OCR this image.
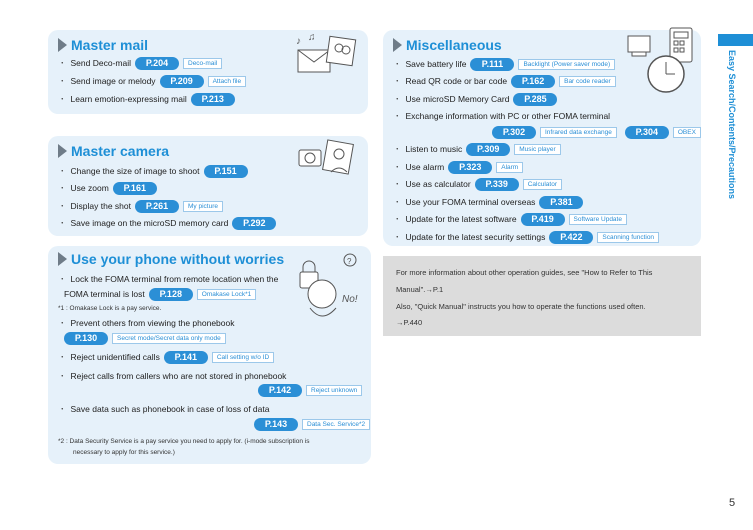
Easy Search/Contents/Precautions
Master mail
・ Send Deco-mail	P.204	Deco-mail
・ Send image or melody	P.209	Attach file
・ Learn emotion-expressing mail	P.213
♪ ♫
Master camera
・ Change the size of image to shoot	P.151
・ Use zoom	P.161
・ Display the shot	P.261	My picture
・ Save image on the microSD memory card	P.292
Use your phone without worries
・ Lock the FOMA terminal from remote location when the
FOMA terminal is lost	P.128	Omakase Lock*1
*1 : Omakase Lock is a pay service.
・ Prevent others from viewing the phonebook
P.130	Secret mode/Secret data only mode
・ Reject unidentified calls	P.141	Call setting w/o ID
・ Reject calls from callers who are not stored in phonebook
P.142	Reject unknown
・ Save data such as phonebook in case of loss of data
P.143	Data Sec. Service*2
*2 : Data Security Service is a pay service you need to apply for. (i-mode subscription is
necessary to apply for this service.)
?
No!
Miscellaneous
・ Save battery life	P.111	Backlight (Power saver mode)
・ Read QR code or bar code	P.162	Bar code reader
・ Use microSD Memory Card	P.285
・ Exchange information with PC or other FOMA terminal
P.302	Infrared data exchange	P.304	OBEX
・ Listen to music	P.309	Music player
・ Use alarm	P.323	Alarm
・ Use as calculator	P.339	Calculator
・ Use your FOMA terminal overseas	P.381
・ Update for the latest software	P.419	Software Update
・ Update for the latest security settings	P.422	Scanning function
For more information about other operation guides, see "How to Refer to This
Manual".→P.1
Also, "Quick Manual" instructs you how to operate the functions used often.
→P.440
5
